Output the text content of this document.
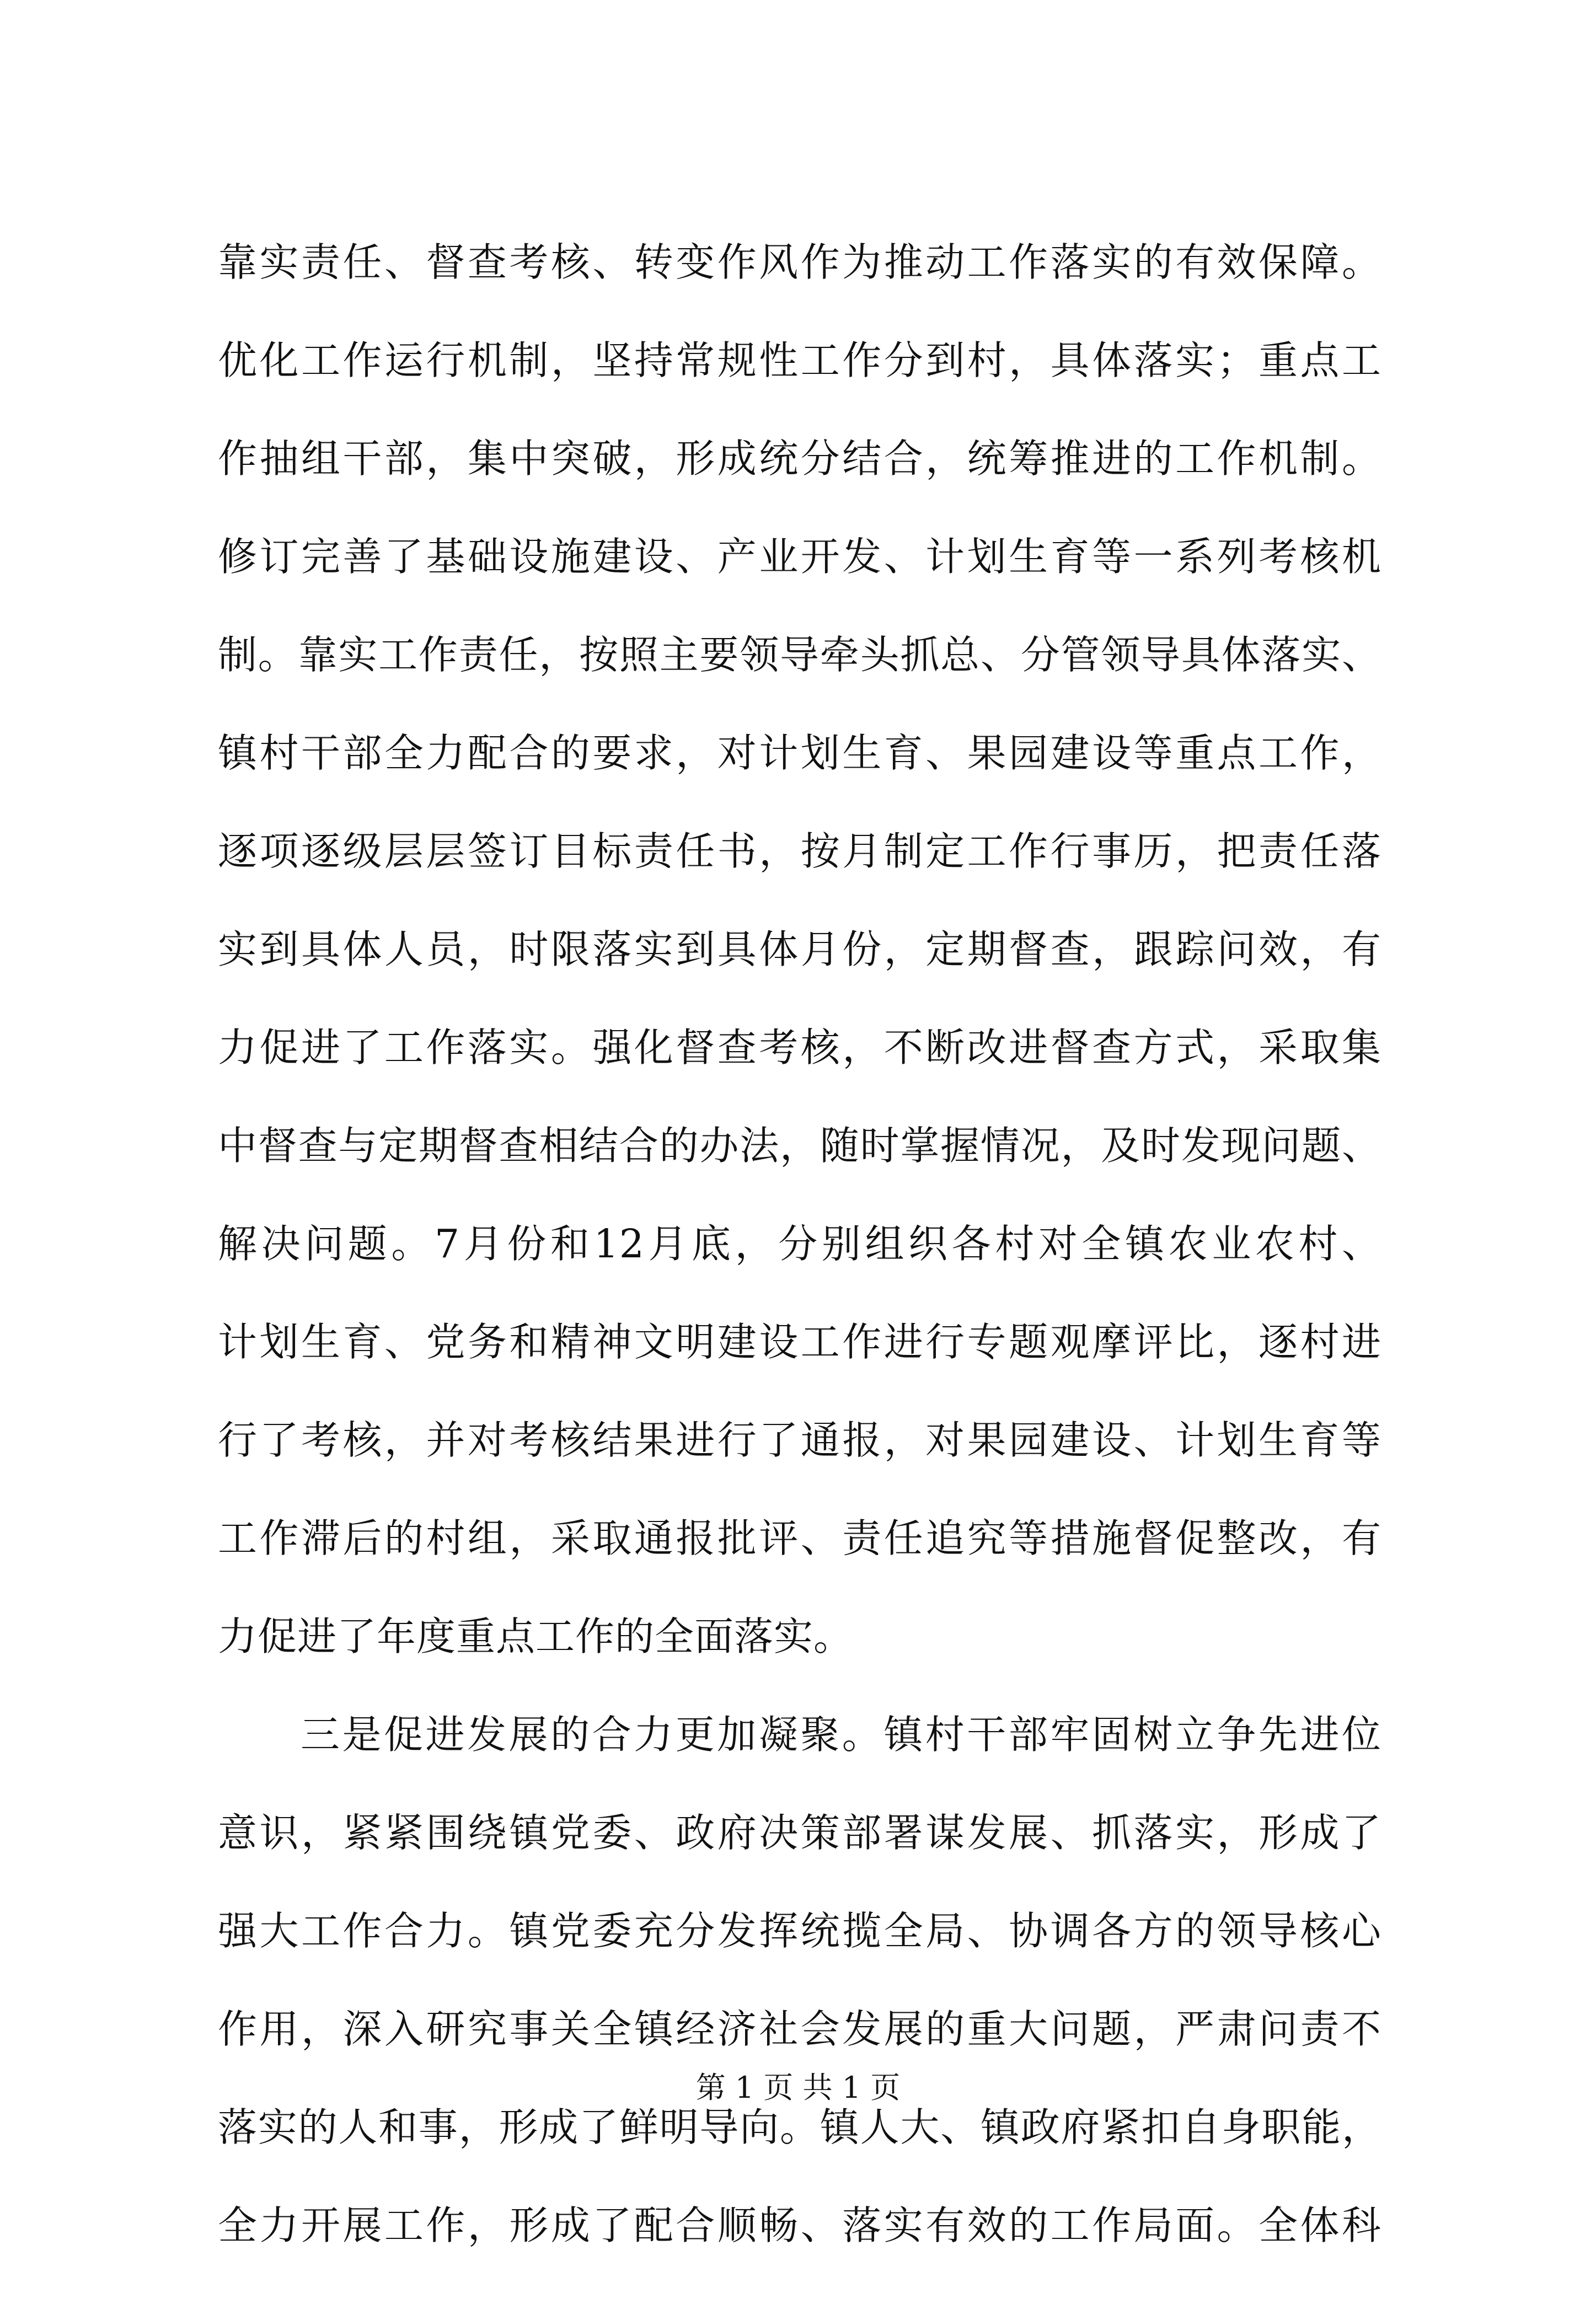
靠实责任、督查考核、转变作风作为推动工作落实的有效保障。
优化工作运行机制，坚持常规性工作分到村，具体落实；重点工
作抽组干部，集中突破，形成统分结合，统筹推进的工作机制。
修订完善了基础设施建设、产业开发、计划生育等一系列考核机
制。靠实工作责任，按照主要领导牵头抓总、分管领导具体落实、
镇村干部全力配合的要求，对计划生育、果园建设等重点工作，
逐项逐级层层签订目标责任书，按月制定工作行事历，把责任落
实到具体人员，时限落实到具体月份，定期督查，跟踪问效，有
力促进了工作落实。强化督查考核，不断改进督查方式，采取集
中督查与定期督查相结合的办法，随时掌握情况，及时发现问题、
解决问题。7月份和12月底，分别组织各村对全镇农业农村、
计划生育、党务和精神文明建设工作进行专题观摩评比，逐村进
行了考核，并对考核结果进行了通报，对果园建设、计划生育等
工作滞后的村组，采取通报批评、责任追究等措施督促整改，有
力促进了年度重点工作的全面落实。
三是促进发展的合力更加凝聚。镇村干部牢固树立争先进位
意识，紧紧围绕镇党委、政府决策部署谋发展、抓落实，形成了
强大工作合力。镇党委充分发挥统揽全局、协调各方的领导核心
作用，深入研究事关全镇经济社会发展的重大问题，严肃问责不
落实的人和事，形成了鲜明导向。镇人大、镇政府紧扣自身职能，
全力开展工作，形成了配合顺畅、落实有效的工作局面。全体科
第 1 页 共 1 页
